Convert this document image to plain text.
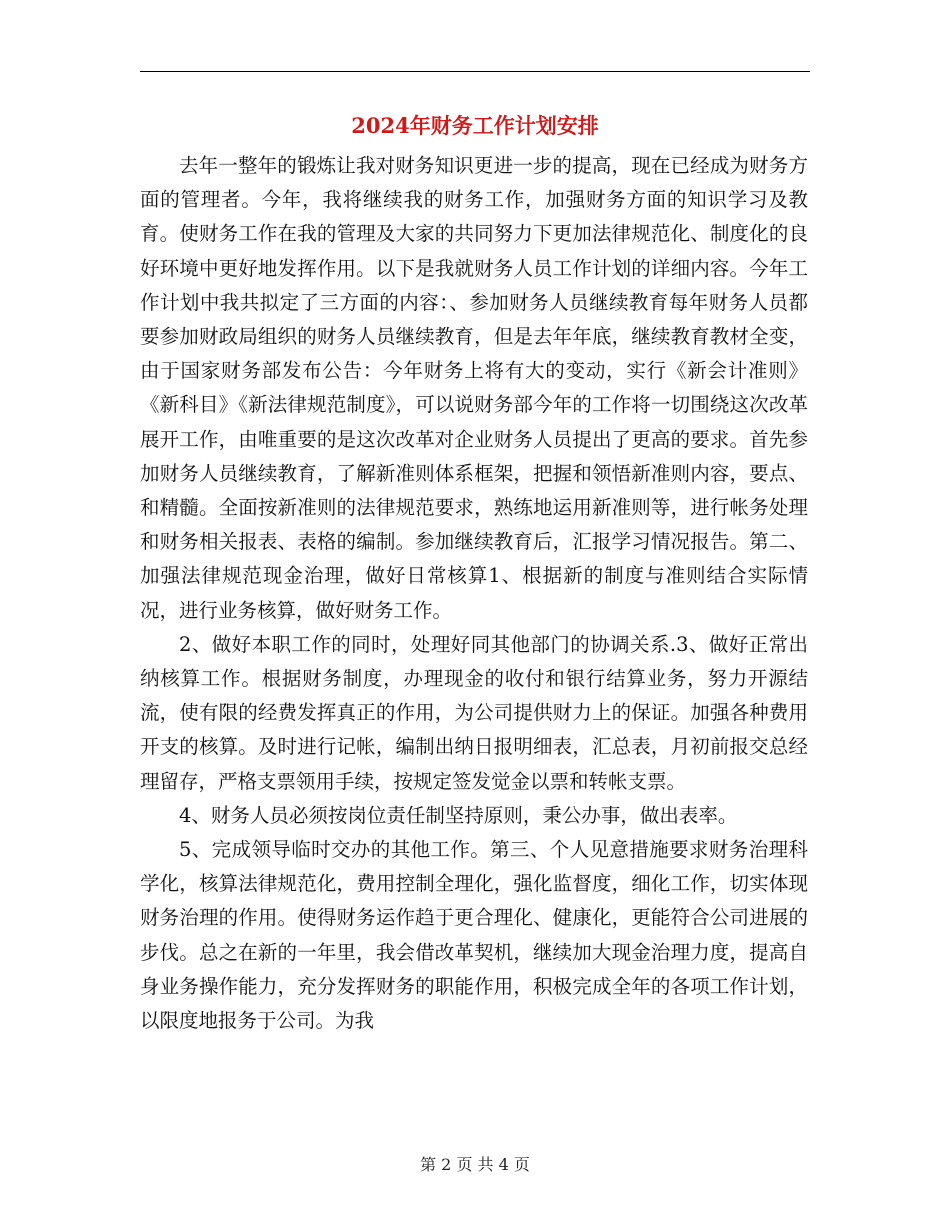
2024年财务工作计划安排

去年一整年的锻炼让我对财务知识更进一步的提高，现在已经成为财务方面的管理者。今年，我将继续我的财务工作，加强财务方面的知识学习及教育。使财务工作在我的管理及大家的共同努力下更加法律规范化、制度化的良好环境中更好地发挥作用。以下是我就财务人员工作计划的详细内容。今年工作计划中我共拟定了三方面的内容：、参加财务人员继续教育每年财务人员都要参加财政局组织的财务人员继续教育，但是去年年底，继续教育教材全变，由于国家财务部发布公告：今年财务上将有大的变动，实行《新会计准则》《新科目》《新法律规范制度》，可以说财务部今年的工作将一切围绕这次改革展开工作，由唯重要的是这次改革对企业财务人员提出了更高的要求。首先参加财务人员继续教育，了解新准则体系框架，把握和领悟新准则内容，要点、和精髓。全面按新准则的法律规范要求，熟练地运用新准则等，进行帐务处理和财务相关报表、表格的编制。参加继续教育后，汇报学习情况报告。第二、加强法律规范现金治理，做好日常核算1、根据新的制度与准则结合实际情况，进行业务核算，做好财务工作。

2、做好本职工作的同时，处理好同其他部门的协调关系.3、做好正常出纳核算工作。根据财务制度，办理现金的收付和银行结算业务，努力开源结流，使有限的经费发挥真正的作用，为公司提供财力上的保证。加强各种费用开支的核算。及时进行记帐，编制出纳日报明细表，汇总表，月初前报交总经理留存，严格支票领用手续，按规定签发觉金以票和转帐支票。

4、财务人员必须按岗位责任制坚持原则，秉公办事，做出表率。

5、完成领导临时交办的其他工作。第三、个人见意措施要求财务治理科学化，核算法律规范化，费用控制全理化，强化监督度，细化工作，切实体现财务治理的作用。使得财务运作趋于更合理化、健康化，更能符合公司进展的步伐。总之在新的一年里，我会借改革契机，继续加大现金治理力度，提高自身业务操作能力，充分发挥财务的职能作用，积极完成全年的各项工作计划，以限度地报务于公司。为我

第 2 页 共 4 页
